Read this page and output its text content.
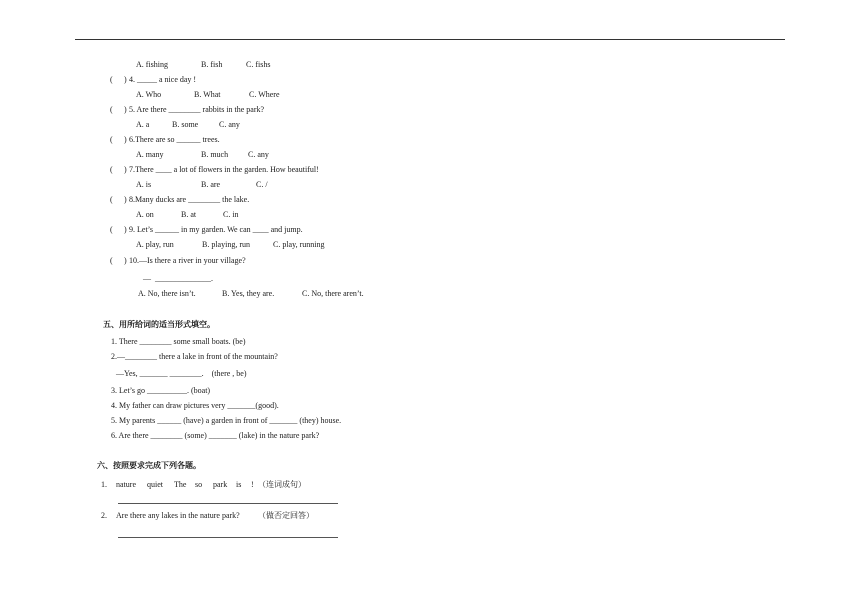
A. fishing	B. fish	C. fishs
( ) 4. _____ a nice day !
A. Who	B. What	C. Where
( ) 5. Are there ________ rabbits in the park?
A. a	B. some	C. any
( ) 6.There are so ______ trees.
A. many	B. much C. any
( ) 7.There ____ a lot of flowers in the garden. How beautiful!
A. is	B. are	C. /
( ) 8.Many ducks are ________ the lake.
A. on	B. at	C. in
( ) 9. Let’s ______ in my garden. We can ____ and jump.
A. play, run	B. playing, run	C. play, running
( ) 10.—Is there a river in your village?
—  ______________.
A. No, there isn’t.	B. Yes, they are.	C. No, there aren’t.
五、用所给词的适当形式填空。
1. There ________ some small boats. (be)
2.—________ there a lake in front of the mountain?
—Yes, _______ ________.    (there , be)
3. Let’s go __________. (boat)
4. My father can draw pictures very _______(good).
5. My parents ______ (have) a garden in front of _______ (they) house.
6. Are there ________ (some) _______ (lake) in the nature park?
六、按照要求完成下列各题。
1. nature quiet The so park is ! （连词成句）
2. Are there any lakes in the nature park? （做否定回答）
